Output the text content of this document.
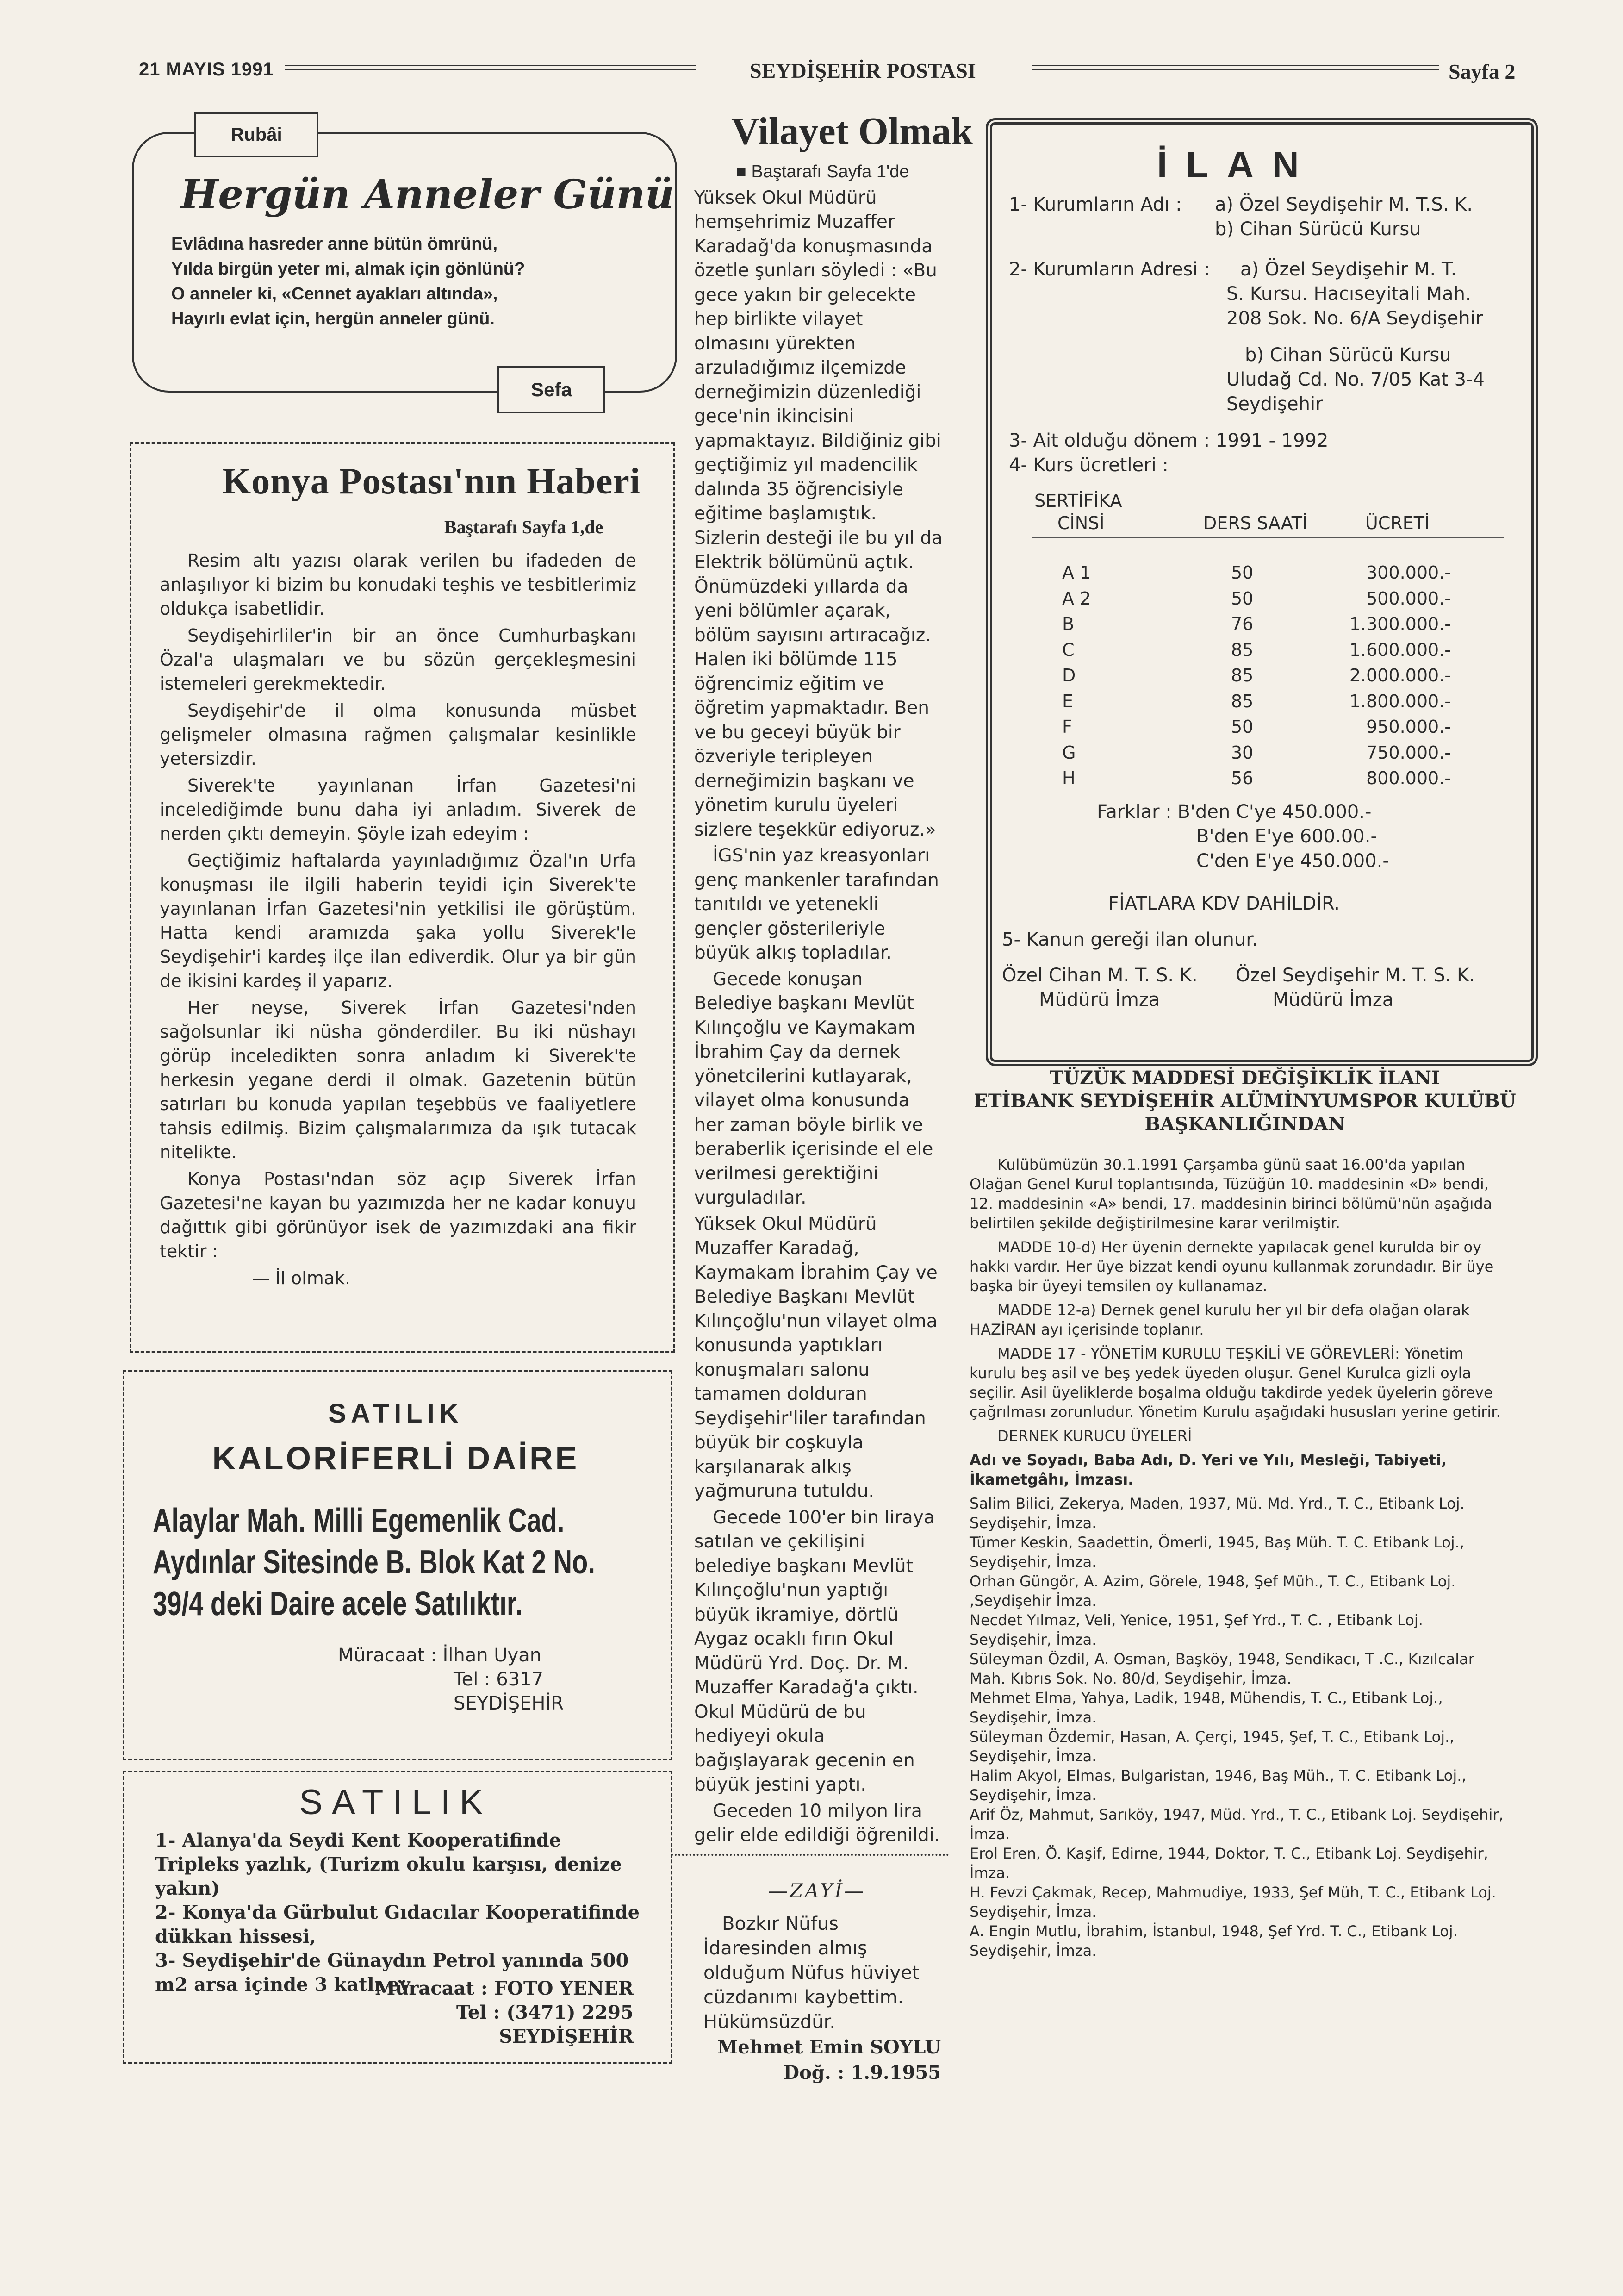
21 MAYIS 1991	SEYDİŞEHİR POSTASI	Sayfa 2
Rubâi
Hergün Anneler Günü

Evlâdına hasreder anne bütün ömrünü,

Yılda birgün yeter mi, almak için gönlünü?

O anneler ki, «Cennet ayakları altında»,

Hayırlı evlat için, hergün anneler günü.

Sefa
Konya Postası'nın Haberi
Baştarafı Sayfa 1,de

Resim altı yazısı olarak verilen bu ifadeden de anlaşılıyor ki bizim bu konudaki teşhis ve tesbitlerimiz oldukça isabetlidir.

Seydişehirliler'in bir an önce Cumhurbaşkanı Özal'a ulaşmaları ve bu sözün gerçekleşmesini istemeleri gerekmektedir.

Seydişehir'de il olma konusunda müsbet gelişmeler olmasına rağmen çalışmalar kesinlikle yetersizdir.

Siverek'te yayınlanan İrfan Gazetesi'ni incelediğimde bunu daha iyi anladım. Siverek de nerden çıktı demeyin. Şöyle izah edeyim :

Geçtiğimiz haftalarda yayınladığımız Özal'ın Urfa konuşması ile ilgili haberin teyidi için Siverek'te yayınlanan İrfan Gazetesi'nin yetkilisi ile görüştüm. Hatta kendi aramızda şaka yollu Siverek'le Seydişehir'i kardeş ilçe ilan ediverdik. Olur ya bir gün de ikisini kardeş il yaparız.

Her neyse, Siverek İrfan Gazetesi'nden sağolsunlar iki nüsha gönderdiler. Bu iki nüshayı görüp inceledikten sonra anladım ki Siverek'te herkesin yegane derdi il olmak. Gazetenin bütün satırları bu konuda yapılan teşebbüs ve faaliyetlere tahsis edilmiş. Bizim çalışmalarımıza da ışık tutacak nitelikte.

Konya Postası'ndan söz açıp Siverek İrfan Gazetesi'ne kayan bu yazımızda her ne kadar konuyu dağıttık gibi görünüyor isek de yazımızdaki ana fikir tektir :

— İl olmak.

SATILIK
KALORİFERLİ DAİRE
Alaylar Mah. Milli Egemenlik Cad. Aydınlar Sitesinde B. Blok Kat 2 No. 39/4 deki Daire acele Satılıktır.
Müracaat : İlhan Uyan
Tel : 6317
SEYDİŞEHİR
SATILIK

1- Alanya'da Seydi Kent Kooperatifinde Tripleks yazlık, (Turizm okulu karşısı, denize yakın)

2- Konya'da Gürbulut Gıdacılar Kooperatifinde dükkan hissesi,

3- Seydişehir'de Günaydın Petrol yanında 500 m2 arsa içinde 3 katlı ev

Müracaat : FOTO YENER
Tel : (3471) 2295
SEYDİŞEHİR
Vilayet Olmak

■ Baştarafı Sayfa 1'de

Yüksek Okul Müdürü hemşehrimiz Muzaffer Karadağ'da konuşmasında özetle şunları söyledi : «Bu gece yakın bir gelecekte hep birlikte vilayet olmasını yürekten arzuladığımız ilçemizde derneğimizin düzenlediği gece'nin ikincisini yapmaktayız. Bildiğiniz gibi geçtiğimiz yıl madencilik dalında 35 öğrencisiyle eğitime başlamıştık. Sizlerin desteği ile bu yıl da Elektrik bölümünü açtık. Önümüzdeki yıllarda da yeni bölümler açarak, bölüm sayısını artıracağız. Halen iki bölümde 115 öğrencimiz eğitim ve öğretim yapmaktadır. Ben ve bu geceyi büyük bir özveriyle teripleyen derneğimizin başkanı ve yönetim kurulu üyeleri sizlere teşekkür ediyoruz.»

İGS'nin yaz kreasyonları genç mankenler tarafından tanıtıldı ve yetenekli gençler gösterileriyle büyük alkış topladılar.

Gecede konuşan Belediye başkanı Mevlüt Kılınçoğlu ve Kaymakam İbrahim Çay da dernek yönetcilerini kutlayarak, vilayet olma konusunda her zaman böyle birlik ve beraberlik içerisinde el ele verilmesi gerektiğini vurguladılar.

Yüksek Okul Müdürü Muzaffer Karadağ, Kaymakam İbrahim Çay ve Belediye Başkanı Mevlüt Kılınçoğlu'nun vilayet olma konusunda yaptıkları konuşmaları salonu tamamen dolduran Seydişehir'liler tarafından büyük bir coşkuyla karşılanarak alkış yağmuruna tutuldu.

Gecede 100'er bin liraya satılan ve çekilişini belediye başkanı Mevlüt Kılınçoğlu'nun yaptığı büyük ikramiye, dörtlü Aygaz ocaklı fırın Okul Müdürü Yrd. Doç. Dr. M. Muzaffer Karadağ'a çıktı. Okul Müdürü de bu hediyeyi okula bağışlayarak gecenin en büyük jestini yaptı.

Geceden 10 milyon lira gelir elde edildiği öğrenildi.

—ZAYİ—
Bozkır Nüfus İdaresinden almış olduğum Nüfus hüviyet cüzdanımı kaybettim. Hükümsüzdür.
Mehmet Emin SOYLU
Doğ. : 1.9.1955
İLAN
1- Kurumların Adı : a) Özel Seydişehir M. T.S. K.
b) Cihan Sürücü Kursu
2- Kurumların Adresi : a) Özel Seydişehir M. T.
S. Kursu. Hacıseyitali Mah.
208 Sok. No. 6/A Seydişehir
b) Cihan Sürücü Kursu
Uludağ Cd. No. 7/05 Kat 3-4
Seydişehir
3- Ait olduğu dönem : 1991 - 1992
4- Kurs ücretleri :
SERTİFİKA
CİNSİ	DERS SAATİ	ÜCRETİ
A 1	50	300.000.-
A 2	50	500.000.-
B	76	1.300.000.-
C	85	1.600.000.-
D	85	2.000.000.-
E	85	1.800.000.-
F	50	950.000.-
G	30	750.000.-
H	56	800.000.-
Farklar : B'den C'ye 450.000.-
B'den E'ye 600.00.-
C'den E'ye 450.000.-
FİATLARA KDV DAHİLDİR.
5- Kanun gereği ilan olunur.
Özel Cihan M. T. S. K.
Müdürü İmza
Özel Seydişehir M. T. S. K.
Müdürü İmza
TÜZÜK MADDESİ DEĞİŞİKLİK İLANI
ETİBANK SEYDİŞEHİR ALÜMİNYUMSPOR KULÜBÜ
BAŞKANLIĞINDAN

Kulübümüzün 30.1.1991 Çarşamba günü saat 16.00'da yapılan Olağan Genel Kurul toplantısında, Tüzüğün 10. maddesinin «D» bendi, 12. maddesinin «A» bendi, 17. maddesinin birinci bölümü'nün aşağıda belirtilen şekilde değiştirilmesine karar verilmiştir.

MADDE 10-d) Her üyenin dernekte yapılacak genel kurulda bir oy hakkı vardır. Her üye bizzat kendi oyunu kullanmak zorundadır. Bir üye başka bir üyeyi temsilen oy kullanamaz.

MADDE 12-a) Dernek genel kurulu her yıl bir defa olağan olarak HAZİRAN ayı içerisinde toplanır.

MADDE 17 - YÖNETİM KURULU TEŞKİLİ VE GÖREVLERİ: Yönetim kurulu beş asil ve beş yedek üyeden oluşur. Genel Kurulca gizli oyla seçilir. Asil üyeliklerde boşalma olduğu takdirde yedek üyelerin göreve çağrılması zorunludur. Yönetim Kurulu aşağıdaki hususları yerine getirir.

DERNEK KURUCU ÜYELERİ

Adı ve Soyadı, Baba Adı, D. Yeri ve Yılı, Mesleği, Tabiyeti, İkametgâhı, İmzası.

Salim Bilici, Zekerya, Maden, 1937, Mü. Md. Yrd., T. C., Etibank Loj. Seydişehir, İmza.

Tümer Keskin, Saadettin, Ömerli, 1945, Baş Müh. T. C. Etibank Loj., Seydişehir, İmza.

Orhan Güngör, A. Azim, Görele, 1948, Şef Müh., T. C., Etibank Loj. ,Seydişehir İmza.

Necdet Yılmaz, Veli, Yenice, 1951, Şef Yrd., T. C. , Etibank Loj. Seydişehir, İmza.

Süleyman Özdil, A. Osman, Başköy, 1948, Sendikacı, T .C., Kızılcalar Mah. Kıbrıs Sok. No. 80/d, Seydişehir, İmza.

Mehmet Elma, Yahya, Ladik, 1948, Mühendis, T. C., Etibank Loj., Seydişehir, İmza.

Süleyman Özdemir, Hasan, A. Çerçi, 1945, Şef, T. C., Etibank Loj., Seydişehir, İmza.

Halim Akyol, Elmas, Bulgaristan, 1946, Baş Müh., T. C. Etibank Loj., Seydişehir, İmza.

Arif Öz, Mahmut, Sarıköy, 1947, Müd. Yrd., T. C., Etibank Loj. Seydişehir, İmza.

Erol Eren, Ö. Kaşif, Edirne, 1944, Doktor, T. C., Etibank Loj. Seydişehir, İmza.

H. Fevzi Çakmak, Recep, Mahmudiye, 1933, Şef Müh, T. C., Etibank Loj. Seydişehir, İmza.

A. Engin Mutlu, İbrahim, İstanbul, 1948, Şef Yrd. T. C., Etibank Loj. Seydişehir, İmza.
